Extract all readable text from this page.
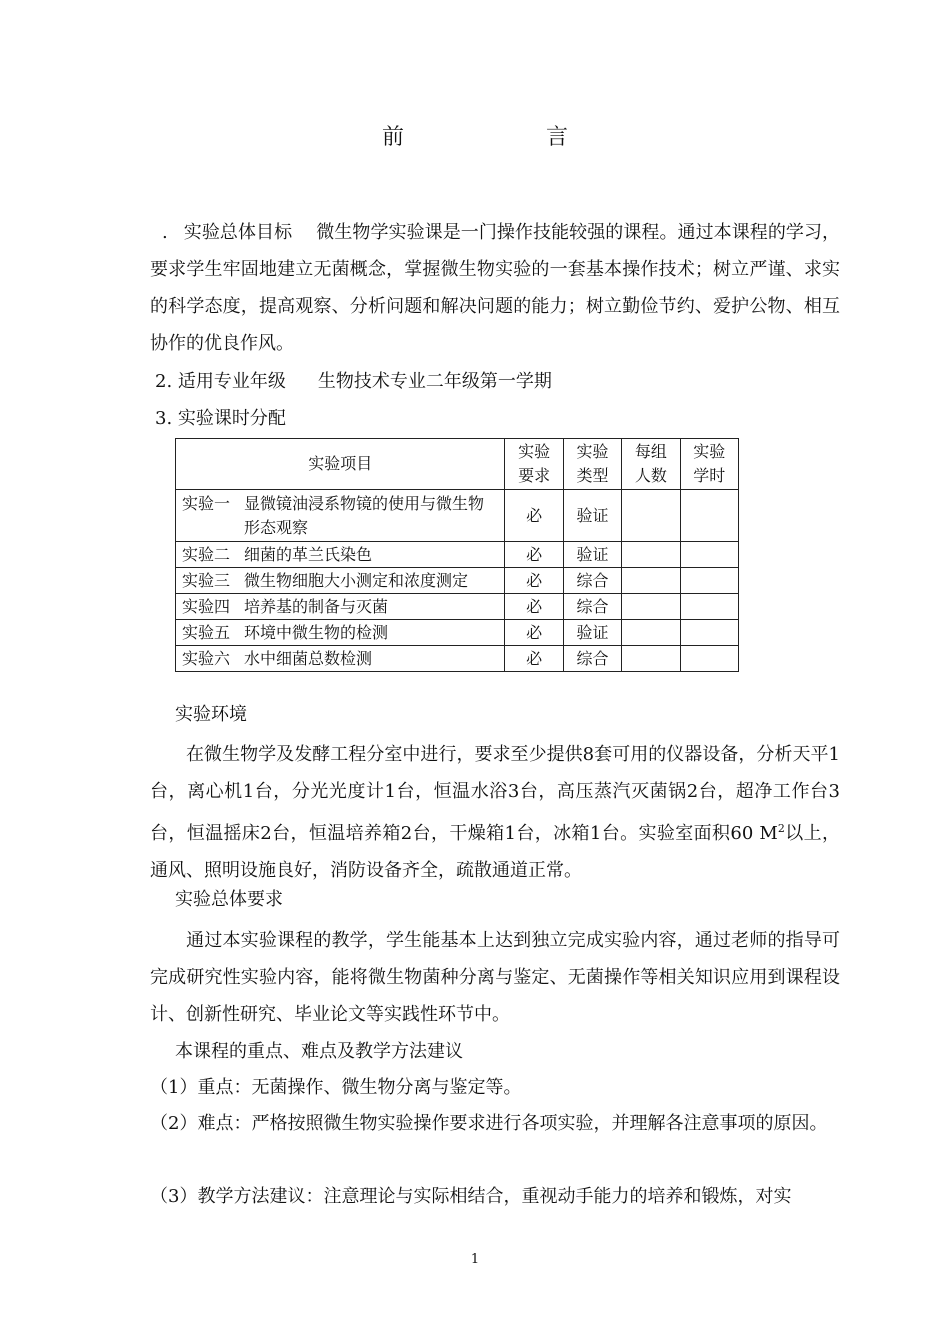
前　言
. 实验总体目标 微生物学实验课是一门操作技能较强的课程。通过本课程的学习，要求学生牢固地建立无菌概念，掌握微生物实验的一套基本操作技术；树立严谨、求实的科学态度，提高观察、分析问题和解决问题的能力；树立勤俭节约、爱护公物、相互协作的优良作风。
2. 适用专业年级 生物技术专业二年级第一学期
3. 实验课时分配
实验项目	实验要求	实验类型	每组人数	实验学时
实验一 显微镜油浸系物镜的使用与微生物形态观察	必	验证		
实验二 细菌的革兰氏染色	必	验证		
实验三 微生物细胞大小测定和浓度测定	必	综合		
实验四 培养基的制备与灭菌	必	综合		
实验五 环境中微生物的检测	必	验证		
实验六 水中细菌总数检测	必	综合		
实验环境
在微生物学及发酵工程分室中进行，要求至少提供8套可用的仪器设备，分析天平1台，离心机1台，分光光度计1台，恒温水浴3台，高压蒸汽灭菌锅2台，超净工作台3台，恒温摇床2台，恒温培养箱2台，干燥箱1台，冰箱1台。实验室面积60 $M^2$以上，通风、照明设施良好，消防设备齐全，疏散通道正常。
实验总体要求
通过本实验课程的教学，学生能基本上达到独立完成实验内容，通过老师的指导可完成研究性实验内容，能将微生物菌种分离与鉴定、无菌操作等相关知识应用到课程设计、创新性研究、毕业论文等实践性环节中。
本课程的重点、难点及教学方法建议
（1）重点：无菌操作、微生物分离与鉴定等。
（2）难点：严格按照微生物实验操作要求进行各项实验，并理解各注意事项的原因。
（3）教学方法建议：注意理论与实际相结合，重视动手能力的培养和锻炼，对实
1
